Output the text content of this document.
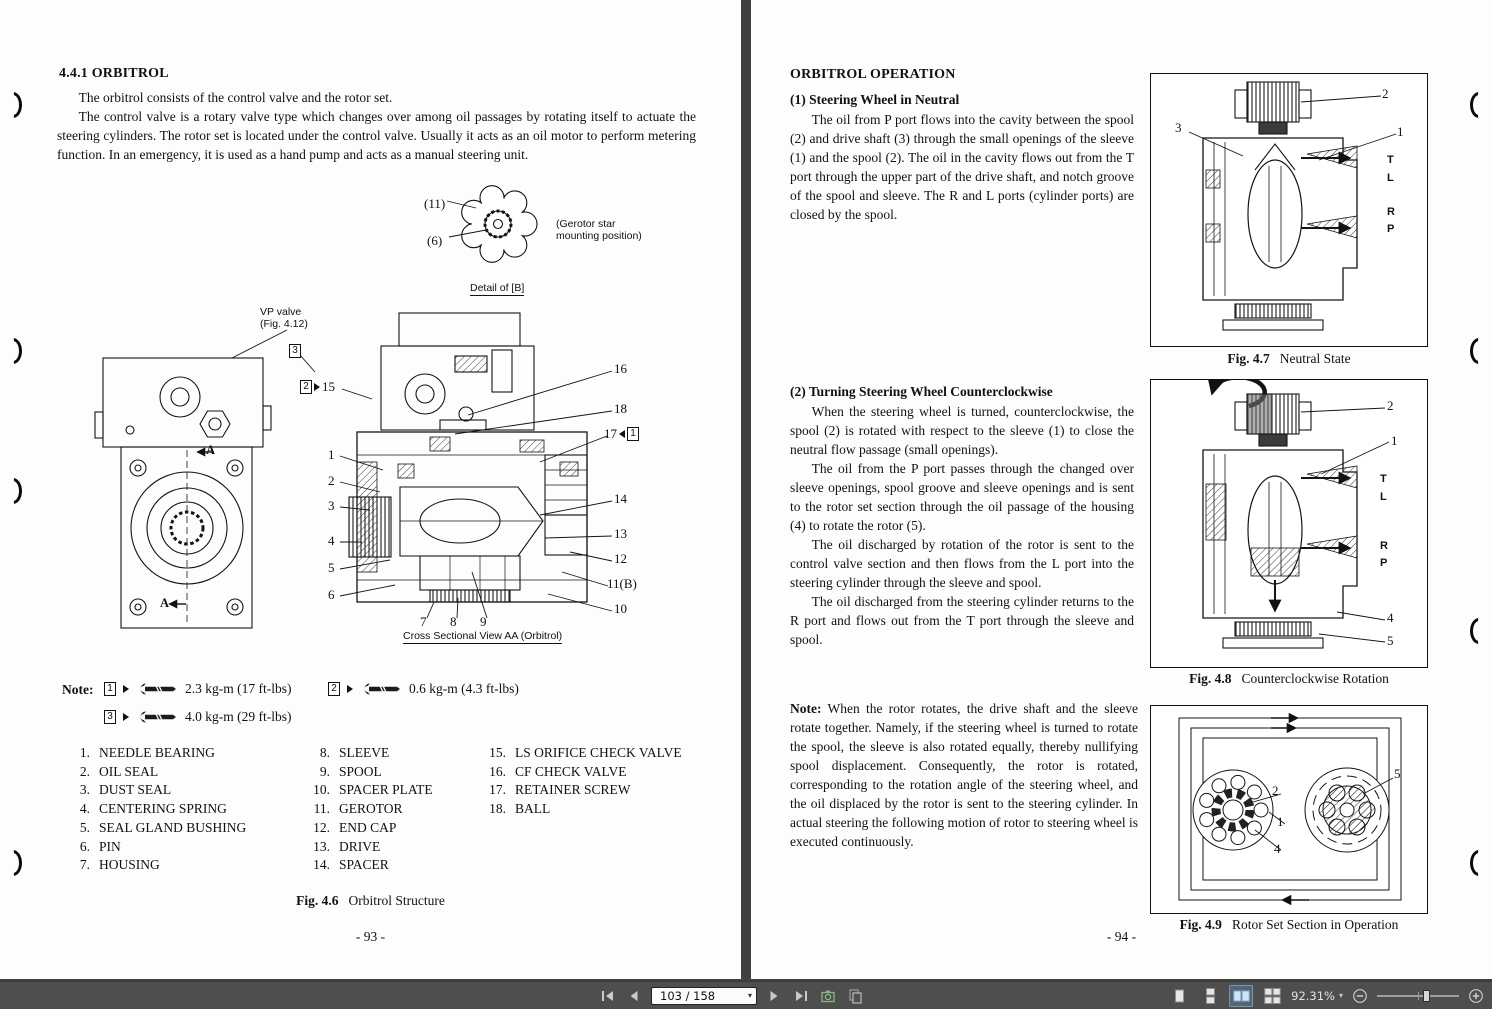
4.4.1 ORBITROL

The orbitrol consists of the control valve and the rotor set.

The control valve is a rotary valve type which changes over among oil passages by rotating itself to actuate the steering cylinders. The rotor set is located under the control valve. Usually it acts as an oil motor to perform metering function. In an emergency, it is used as a hand pump and acts as a manual steering unit.

(11)
(6)
(Gerotor star
mounting position)
Detail of [B]
VP valve
(Fig. 4.12)
3
2 15
A
A
1
2
3
4
5
6
16
18
17	1
14
13
12
11(B)
10
7 8 9
Cross Sectional View AA (Orbitrol)
Note:	1	2.3 kg-m (17 ft-lbs)	2	0.6 kg-m (4.3 ft-lbs)
3	4.0 kg-m (29 ft-lbs)
1. NEEDLE BEARING
2. OIL SEAL
3. DUST SEAL
4. CENTERING SPRING
5. SEAL GLAND BUSHING
6. PIN
7. HOUSING
8. SLEEVE
9. SPOOL
10. SPACER PLATE
11. GEROTOR
12. END CAP
13. DRIVE
14. SPACER
15. LS ORIFICE CHECK VALVE
16. CF CHECK VALVE
17. RETAINER SCREW
18. BALL
Fig. 4.6 Orbitrol Structure
- 93 -
ORBITROL OPERATION
(1) Steering Wheel in Neutral

The oil from P port flows into the cavity between the spool (2) and drive shaft (3) through the small openings of the sleeve (1) and the spool (2). The oil in the cavity flows out from the T port through the upper part of the drive shaft, and notch groove of the spool and sleeve. The R and L ports (cylinder ports) are closed by the spool.

2
1
3
T
L
R
P
Fig. 4.7 Neutral State
(2) Turning Steering Wheel Counterclockwise

When the steering wheel is turned, counterclockwise, the spool (2) is rotated with respect to the sleeve (1) to close the neutral flow passage (small openings).

The oil from the P port passes through the changed over sleeve openings, spool groove and sleeve openings and is sent to the rotor set section through the oil passage of the housing (4) to rotate the rotor (5).

The oil discharged by rotation of the rotor is sent to the control valve section and then flows from the L port into the steering cylinder through the sleeve and spool.

The oil discharged from the steering cylinder returns to the R port and flows out from the T port through the sleeve and spool.

2
1
T
L
R
P
4
5
Fig. 4.8 Counterclockwise Rotation

Note: When the rotor rotates, the drive shaft and the sleeve rotate together. Namely, if the steering wheel is turned to rotate the spool, the sleeve is also rotated equally, thereby nullifying spool displacement. Consequently, the rotor is rotated, corresponding to the rotation angle of the steering wheel, and the oil displaced by the rotor is sent to the steering cylinder. In actual steering the following motion of rotor to steering wheel is executed continuously.

5
2
1
4
Fig. 4.9 Rotor Set Section in Operation
- 94 -
103 / 158	▾	92.31% ▾
